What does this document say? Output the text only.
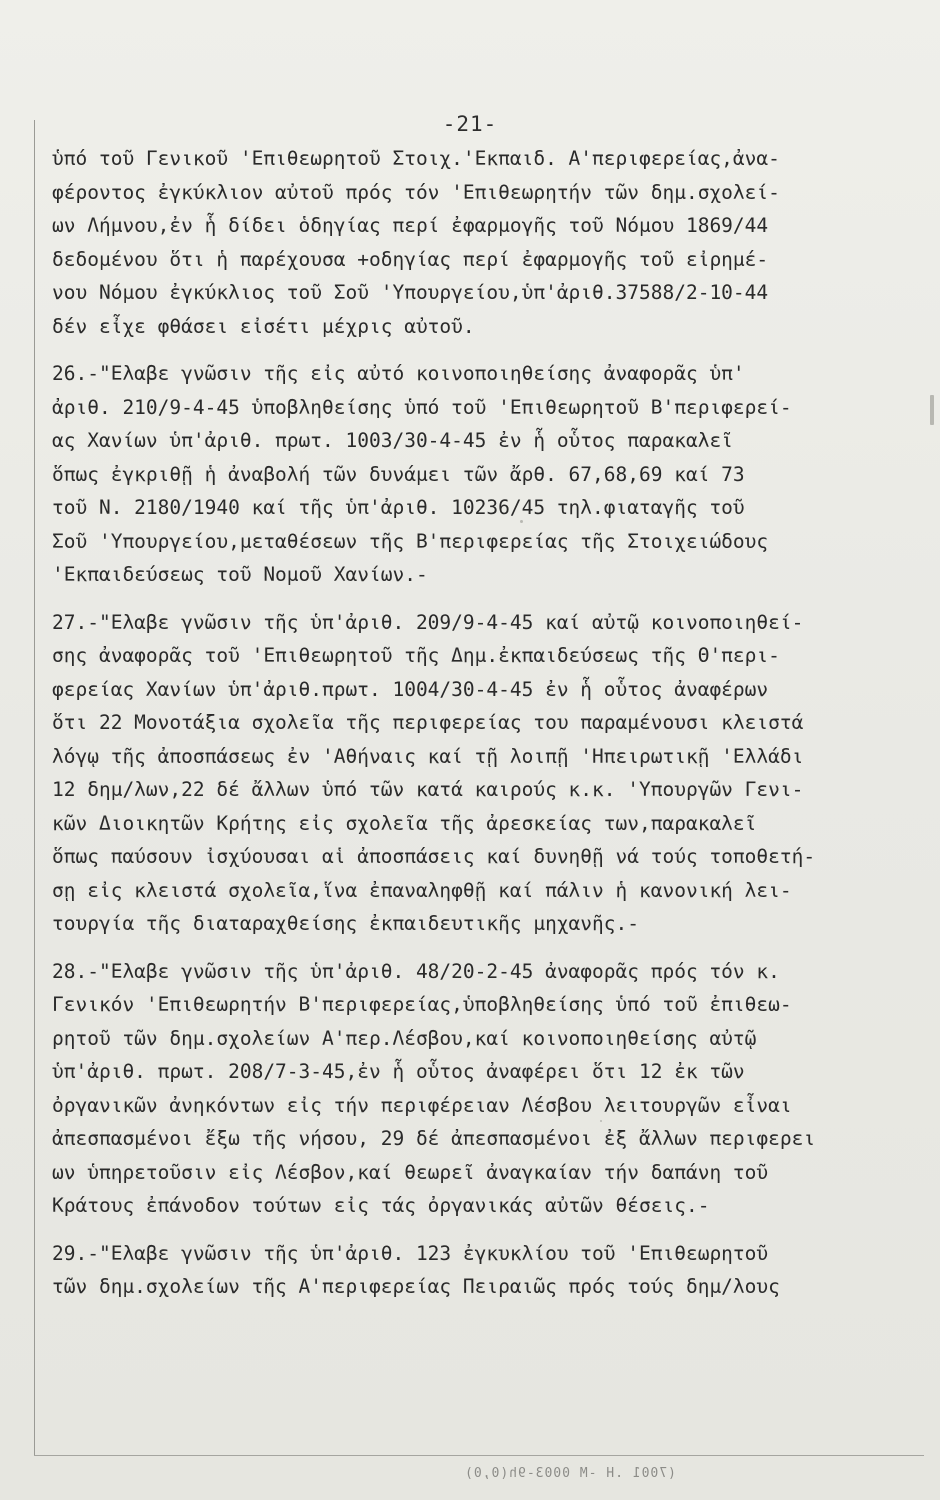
-21-
ὑπό τοῦ Γενικοῦ 'Επιθεωρητοῦ Στοιχ.'Εκπαιδ. Α'περιφερείας,ἀνα-
φέροντος ἐγκύκλιον αὐτοῦ πρός τόν 'Επιθεωρητήν τῶν δημ.σχολεί-
ων Λήμνου,ἐν ἧ δίδει ὁδηγίας περί ἐφαρμογῆς τοῦ Νόμου 1869/44
δεδομένου ὅτι ἡ παρέχουσα +οδηγίας περί ἐφαρμογῆς τοῦ εἰρημέ-
νου Νόμου ἐγκύκλιος τοῦ Σοῦ 'Υπουργείου,ὑπ'ἀριθ.37588/2-10-44
δέν εἶχε φθάσει εἰσέτι μέχρις αὐτοῦ.
26.-"Ελαβε γνῶσιν τῆς εἰς αὐτό κοινοποιηθείσης ἀναφορᾶς ὑπ'
ἀριθ. 210/9-4-45 ὑποβληθείσης ὑπό τοῦ 'Επιθεωρητοῦ Β'περιφερεί-
ας Χανίων ὑπ'ἀριθ. πρωτ. 1003/30-4-45 ἐν ἧ οὗτος παρακαλεῖ
ὅπως ἐγκριθῇ ἡ ἀναβολή τῶν δυνάμει τῶν ἄρθ. 67,68,69 καί 73
τοῦ Ν. 2180/1940 καί τῆς ὑπ'ἀριθ. 10236/45 τηλ.φιαταγῆς τοῦ
Σοῦ 'Υπουργείου,μεταθέσεων τῆς Β'περιφερείας τῆς Στοιχειώδους
'Εκπαιδεύσεως τοῦ Νομοῦ Χανίων.-
27.-"Ελαβε γνῶσιν τῆς ὑπ'ἀριθ. 209/9-4-45 καί αὐτῷ κοινοποιηθεί-
σης ἀναφορᾶς τοῦ 'Επιθεωρητοῦ τῆς Δημ.ἐκπαιδεύσεως τῆς Θ'περι-
φερείας Χανίων ὑπ'ἀριθ.πρωτ. 1004/30-4-45 ἐν ἧ οὗτος ἀναφέρων
ὅτι 22 Μονοτάξια σχολεῖα τῆς περιφερείας του παραμένουσι κλειστά
λόγῳ τῆς ἀποσπάσεως ἐν 'Αθήναις καί τῇ λοιπῇ 'Ηπειρωτικῇ 'Ελλάδι
12 δημ/λων,22 δέ ἄλλων ὑπό τῶν κατά καιρούς κ.κ. 'Υπουργῶν Γενι-
κῶν Διοικητῶν Κρήτης εἰς σχολεῖα τῆς ἀρεσκείας των,παρακαλεῖ
ὅπως παύσουν ἰσχύουσαι αἱ ἀποσπάσεις καί δυνηθῇ νά τούς τοποθετή-
σῃ εἰς κλειστά σχολεῖα,ἵνα ἐπαναληφθῇ καί πάλιν ἡ κανονική λει-
τουργία τῆς διαταραχθείσης ἐκπαιδευτικῆς μηχανῆς.-
28.-"Ελαβε γνῶσιν τῆς ὑπ'ἀριθ. 48/20-2-45 ἀναφορᾶς πρός τόν κ.
Γενικόν 'Επιθεωρητήν Β'περιφερείας,ὑποβληθείσης ὑπό τοῦ ἐπιθεω-
ρητοῦ τῶν δημ.σχολείων Α'περ.Λέσβου,καί κοινοποιηθείσης αὐτῷ
ὑπ'ἀριθ. πρωτ. 208/7-3-45,ἐν ἧ οὗτος ἀναφέρει ὅτι 12 ἐκ τῶν
ὀργανικῶν ἀνηκόντων εἰς τήν περιφέρειαν Λέσβου λειτουργῶν εἶναι
ἀπεσπασμένοι ἔξω τῆς νήσου, 29 δέ ἀπεσπασμένοι ἐξ ἄλλων περιφερει
ων ὑπηρετοῦσιν εἰς Λέσβον,καί θεωρεῖ ἀναγκαίαν τήν δαπάνη τοῦ
Κράτους ἐπάνοδον τούτων εἰς τάς ὀργανικάς αὐτῶν θέσεις.-
29.-"Ελαβε γνῶσιν τῆς ὑπ'ἀριθ. 123 ἐγκυκλίου τοῦ 'Επιθεωρητοῦ
τῶν δημ.σχολείων τῆς Α'περιφερείας Πειραιῶς πρός τούς δημ/λους
(7001 .H -M 0003-9h(0,0)
